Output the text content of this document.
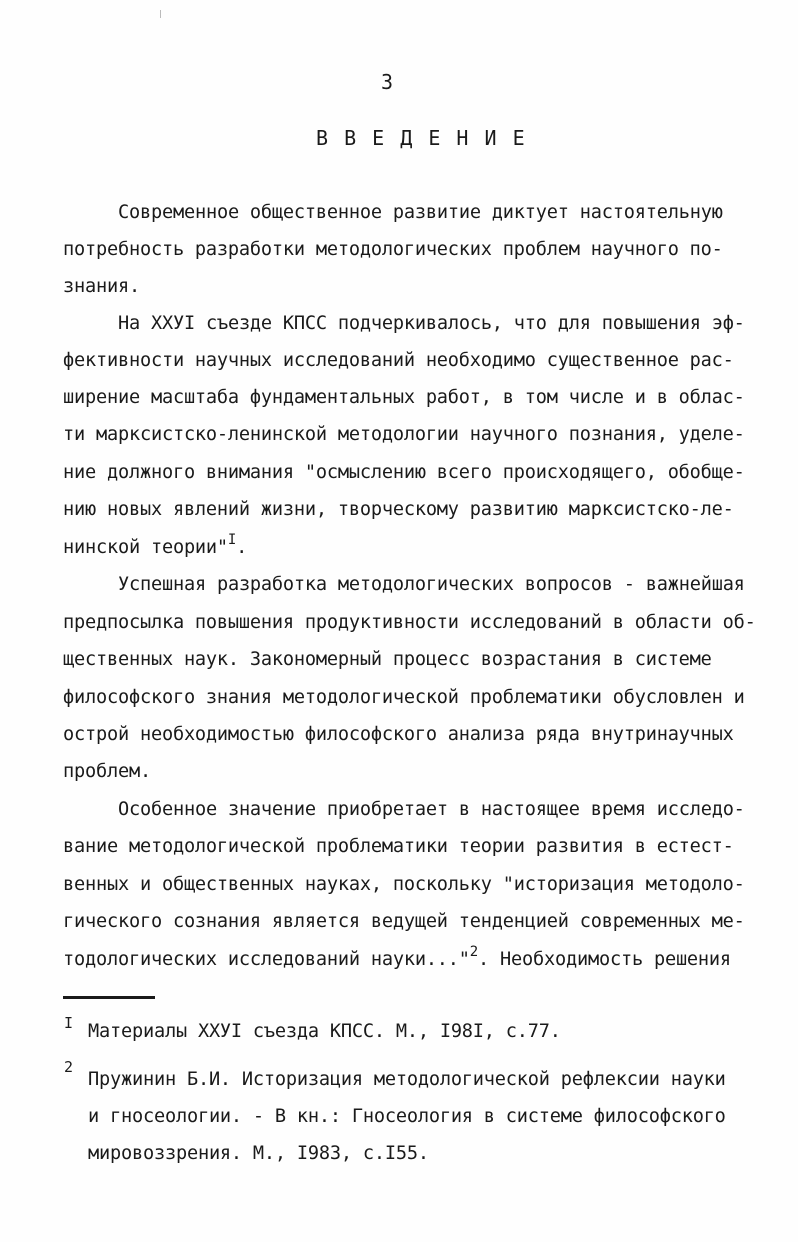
3

В В Е Д Е Н И Е

Современное общественное развитие диктует настоятельную

потребность разработки методологических проблем научного по-

знания.

На ХХУI съезде КПСС подчеркивалось, что для повышения эф-

фективности научных исследований необходимо существенное рас-

ширение масштаба фундаментальных работ, в том числе и в облас-

ти марксистско-ленинской методологии научного познания, уделе-

ние должного внимания "осмыслению всего происходящего, обобще-

нию новых явлений жизни, творческому развитию марксистско-ле-

нинской теории"$^I$.

Успешная разработка методологических вопросов - важнейшая

предпосылка повышения продуктивности исследований в области об-

щественных наук. Закономерный процесс возрастания в системе

философского знания методологической проблематики обусловлен и

острой необходимостью философского анализа ряда внутринаучных

проблем.

Особенное значение приобретает в настоящее время исследо-

вание методологической проблематики теории развития в естест-

венных и общественных науках, поскольку "историзация методоло-

гического сознания является ведущей тенденцией современных ме-

тодологических исследований науки..."$^2$. Необходимость решения

I Материалы ХХУI съезда КПСС. М., I98I, с.77.

2

Пружинин Б.И. Историзация методологической рефлексии науки

и гносеологии. - В кн.: Гносеология в системе философского

мировоззрения. М., I983, с.I55.
